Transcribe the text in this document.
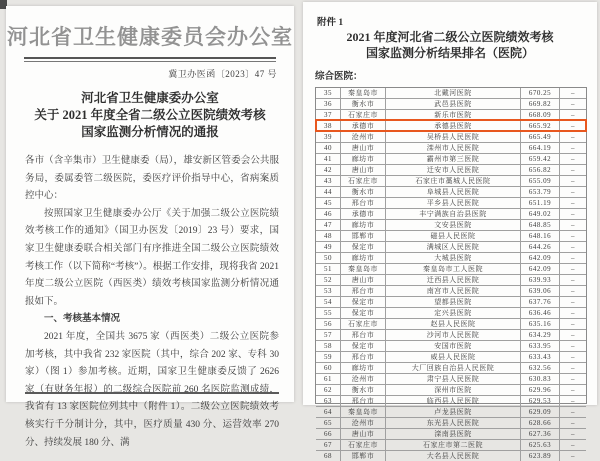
河北省卫生健康委员会办公室
冀卫办医函〔2023〕47 号
河北省卫生健康委办公室
关于 2021 年度全省二级公立医院绩效考核
国家监测分析情况的通报

各市（含辛集市）卫生健康委（局），雄安新区管委会公共服务局，委属委管二级医院，委医疗评价指导中心，省病案质控中心：

按照国家卫生健康委办公厅《关于加强二级公立医院绩效考核工作的通知》（国卫办医发〔2019〕23 号）要求，国家卫生健康委联合相关部门有序推进全国二级公立医院绩效考核工作（以下简称“考核”）。根据工作安排，现将我省 2021 年度二级公立医院（西医类）绩效考核国家监测分析情况通报如下。

一、考核基本情况

2021 年度，全国共 3675 家（西医类）二级公立医院参加考核，其中我省 232 家医院（其中，综合 202 家、专科 30 家）（图 1）参加考核。近期，国家卫生健康委反馈了 2626 家（有财务年报）的二级综合医院前 260 名医院监测成绩，我省有 13 家医院位列其中（附件 1）。二级公立医院绩效考核实行千分制计分，其中，医疗质量 430 分、运营效率 270 分、持续发展 180 分、满

附件 1
2021 年度河北省二级公立医院绩效考核
国家监测分析结果排名（医院）
综合医院：
35	秦皇岛市	北戴河医院	670.25	–
36	衡水市	武邑县医院	669.82	–
37	石家庄市	新乐市医院	668.09	–
38	承德市	承德县医院	665.92	–
39	沧州市	吴桥县人民医院	665.49	–
40	唐山市	滦州市人民医院	664.19	–
41	廊坊市	霸州市第三医院	659.42	–
42	唐山市	迁安市人民医院	656.82	–
43	石家庄市	石家庄市藁城人民医院	655.09	–
44	衡水市	阜城县人民医院	653.79	–
45	邢台市	平乡县人民医院	651.19	–
46	承德市	丰宁满族自治县医院	649.02	–
47	廊坊市	文安县医院	648.85	–
48	邯郸市	磁县人民医院	648.16	–
49	保定市	满城区人民医院	644.26	–
50	廊坊市	大城县医院	642.09	–
51	秦皇岛市	秦皇岛市工人医院	642.09	–
52	唐山市	迁西县人民医院	639.93	–
53	邢台市	南宫市人民医院	639.06	–
54	保定市	望都县医院	637.76	–
55	保定市	定兴县医院	636.46	–
56	石家庄市	赵县人民医院	635.16	–
57	邢台市	沙河市人民医院	634.29	–
58	保定市	安国市医院	633.95	–
59	邢台市	威县人民医院	633.43	–
60	廊坊市	大厂回族自治县人民医院	632.56	–
61	沧州市	肃宁县人民医院	630.83	–
62	衡水市	深州市医院	629.96	–
63	邢台市	临西县人民医院	629.53	–
64	秦皇岛市	卢龙县医院	629.09	–
65	沧州市	东光县人民医院	628.66	–
66	唐山市	滦南县医院	627.36	–
67	石家庄市	石家庄市第二医院	625.63	–
68	邯郸市	大名县人民医院	623.89	–
